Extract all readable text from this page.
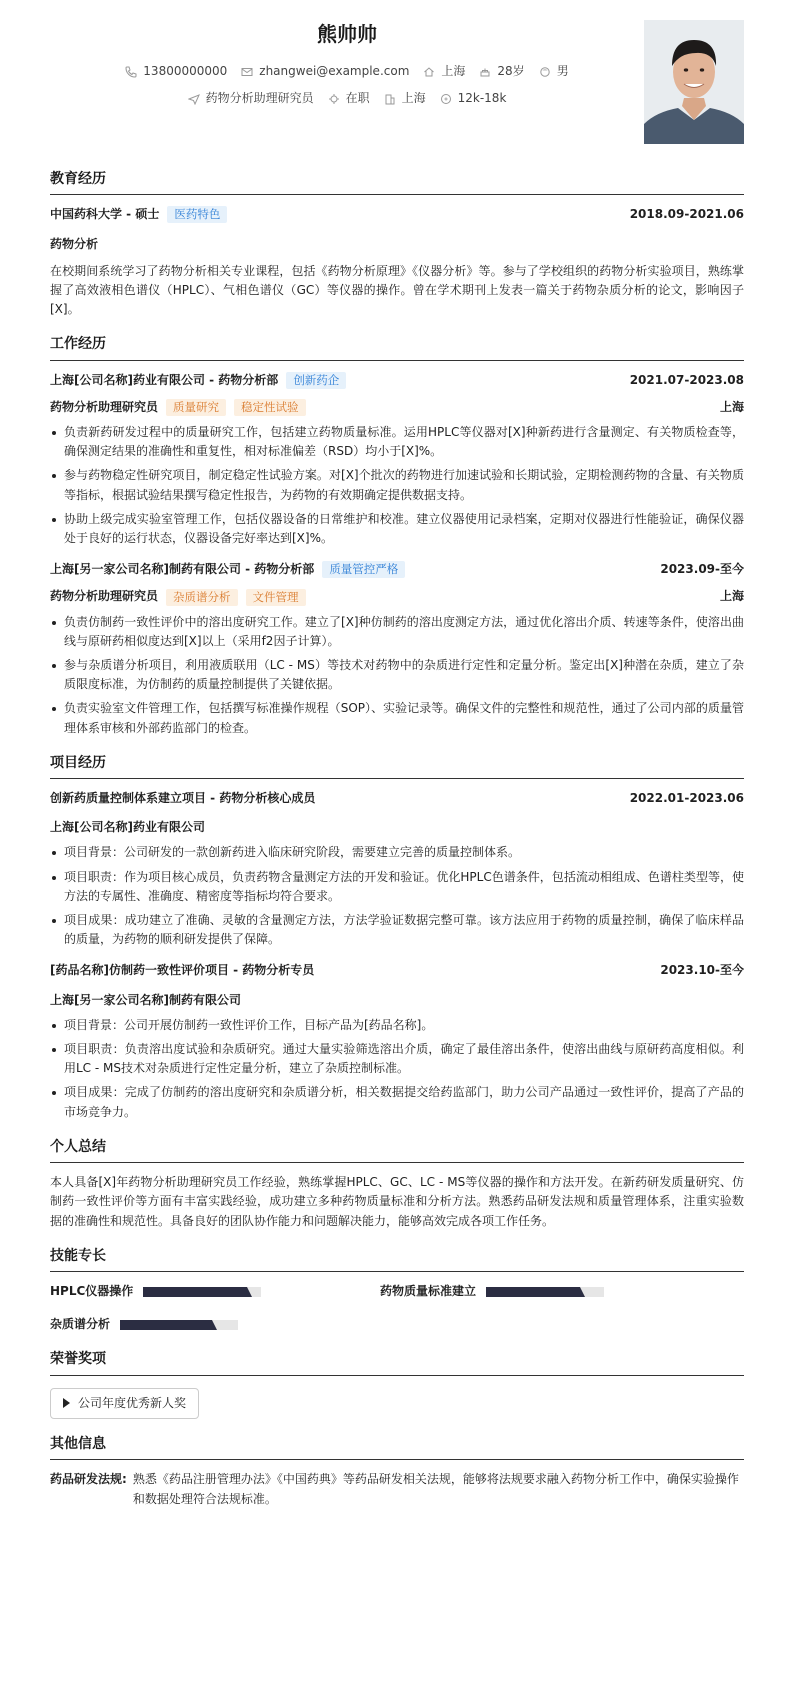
熊帅帅
13800000000	zhangwei@example.com	上海	28岁	男
药物分析助理研究员	在职	上海	12k-18k
教育经历
中国药科大学 - 硕士	医药特色	2018.09-2021.06
药物分析
在校期间系统学习了药物分析相关专业课程，包括《药物分析原理》《仪器分析》等。参与了学校组织的药物分析实验项目，熟练掌握了高效液相色谱仪（HPLC）、气相色谱仪（GC）等仪器的操作。曾在学术期刊上发表一篇关于药物杂质分析的论文，影响因子[X]。
工作经历
上海[公司名称]药业有限公司 - 药物分析部	创新药企	2021.07-2023.08
药物分析助理研究员	质量研究	稳定性试验	上海
负责新药研发过程中的质量研究工作，包括建立药物质量标准。运用HPLC等仪器对[X]种新药进行含量测定、有关物质检查等，确保测定结果的准确性和重复性，相对标准偏差（RSD）均小于[X]%。
参与药物稳定性研究项目，制定稳定性试验方案。对[X]个批次的药物进行加速试验和长期试验，定期检测药物的含量、有关物质等指标，根据试验结果撰写稳定性报告，为药物的有效期确定提供数据支持。
协助上级完成实验室管理工作，包括仪器设备的日常维护和校准。建立仪器使用记录档案，定期对仪器进行性能验证，确保仪器处于良好的运行状态，仪器设备完好率达到[X]%。
上海[另一家公司名称]制药有限公司 - 药物分析部	质量管控严格	2023.09-至今
药物分析助理研究员	杂质谱分析	文件管理	上海
负责仿制药一致性评价中的溶出度研究工作。建立了[X]种仿制药的溶出度测定方法，通过优化溶出介质、转速等条件，使溶出曲线与原研药相似度达到[X]以上（采用f2因子计算）。
参与杂质谱分析项目，利用液质联用（LC - MS）等技术对药物中的杂质进行定性和定量分析。鉴定出[X]种潜在杂质，建立了杂质限度标准，为仿制药的质量控制提供了关键依据。
负责实验室文件管理工作，包括撰写标准操作规程（SOP）、实验记录等。确保文件的完整性和规范性，通过了公司内部的质量管理体系审核和外部药监部门的检查。
项目经历
创新药质量控制体系建立项目 - 药物分析核心成员	2022.01-2023.06
上海[公司名称]药业有限公司
项目背景：公司研发的一款创新药进入临床研究阶段，需要建立完善的质量控制体系。
项目职责：作为项目核心成员，负责药物含量测定方法的开发和验证。优化HPLC色谱条件，包括流动相组成、色谱柱类型等，使方法的专属性、准确度、精密度等指标均符合要求。
项目成果：成功建立了准确、灵敏的含量测定方法，方法学验证数据完整可靠。该方法应用于药物的质量控制，确保了临床样品的质量，为药物的顺利研发提供了保障。
[药品名称]仿制药一致性评价项目 - 药物分析专员	2023.10-至今
上海[另一家公司名称]制药有限公司
项目背景：公司开展仿制药一致性评价工作，目标产品为[药品名称]。
项目职责：负责溶出度试验和杂质研究。通过大量实验筛选溶出介质，确定了最佳溶出条件，使溶出曲线与原研药高度相似。利用LC - MS技术对杂质进行定性定量分析，建立了杂质控制标准。
项目成果：完成了仿制药的溶出度研究和杂质谱分析，相关数据提交给药监部门，助力公司产品通过一致性评价，提高了产品的市场竞争力。
个人总结
本人具备[X]年药物分析助理研究员工作经验，熟练掌握HPLC、GC、LC - MS等仪器的操作和方法开发。在新药研发质量研究、仿制药一致性评价等方面有丰富实践经验，成功建立多种药物质量标准和分析方法。熟悉药品研发法规和质量管理体系，注重实验数据的准确性和规范性。具备良好的团队协作能力和问题解决能力，能够高效完成各项工作任务。
技能专长
HPLC仪器操作	药物质量标准建立
杂质谱分析
荣誉奖项
公司年度优秀新人奖
其他信息
药品研发法规: 熟悉《药品注册管理办法》《中国药典》等药品研发相关法规，能够将法规要求融入药物分析工作中，确保实验操作和数据处理符合法规标准。
